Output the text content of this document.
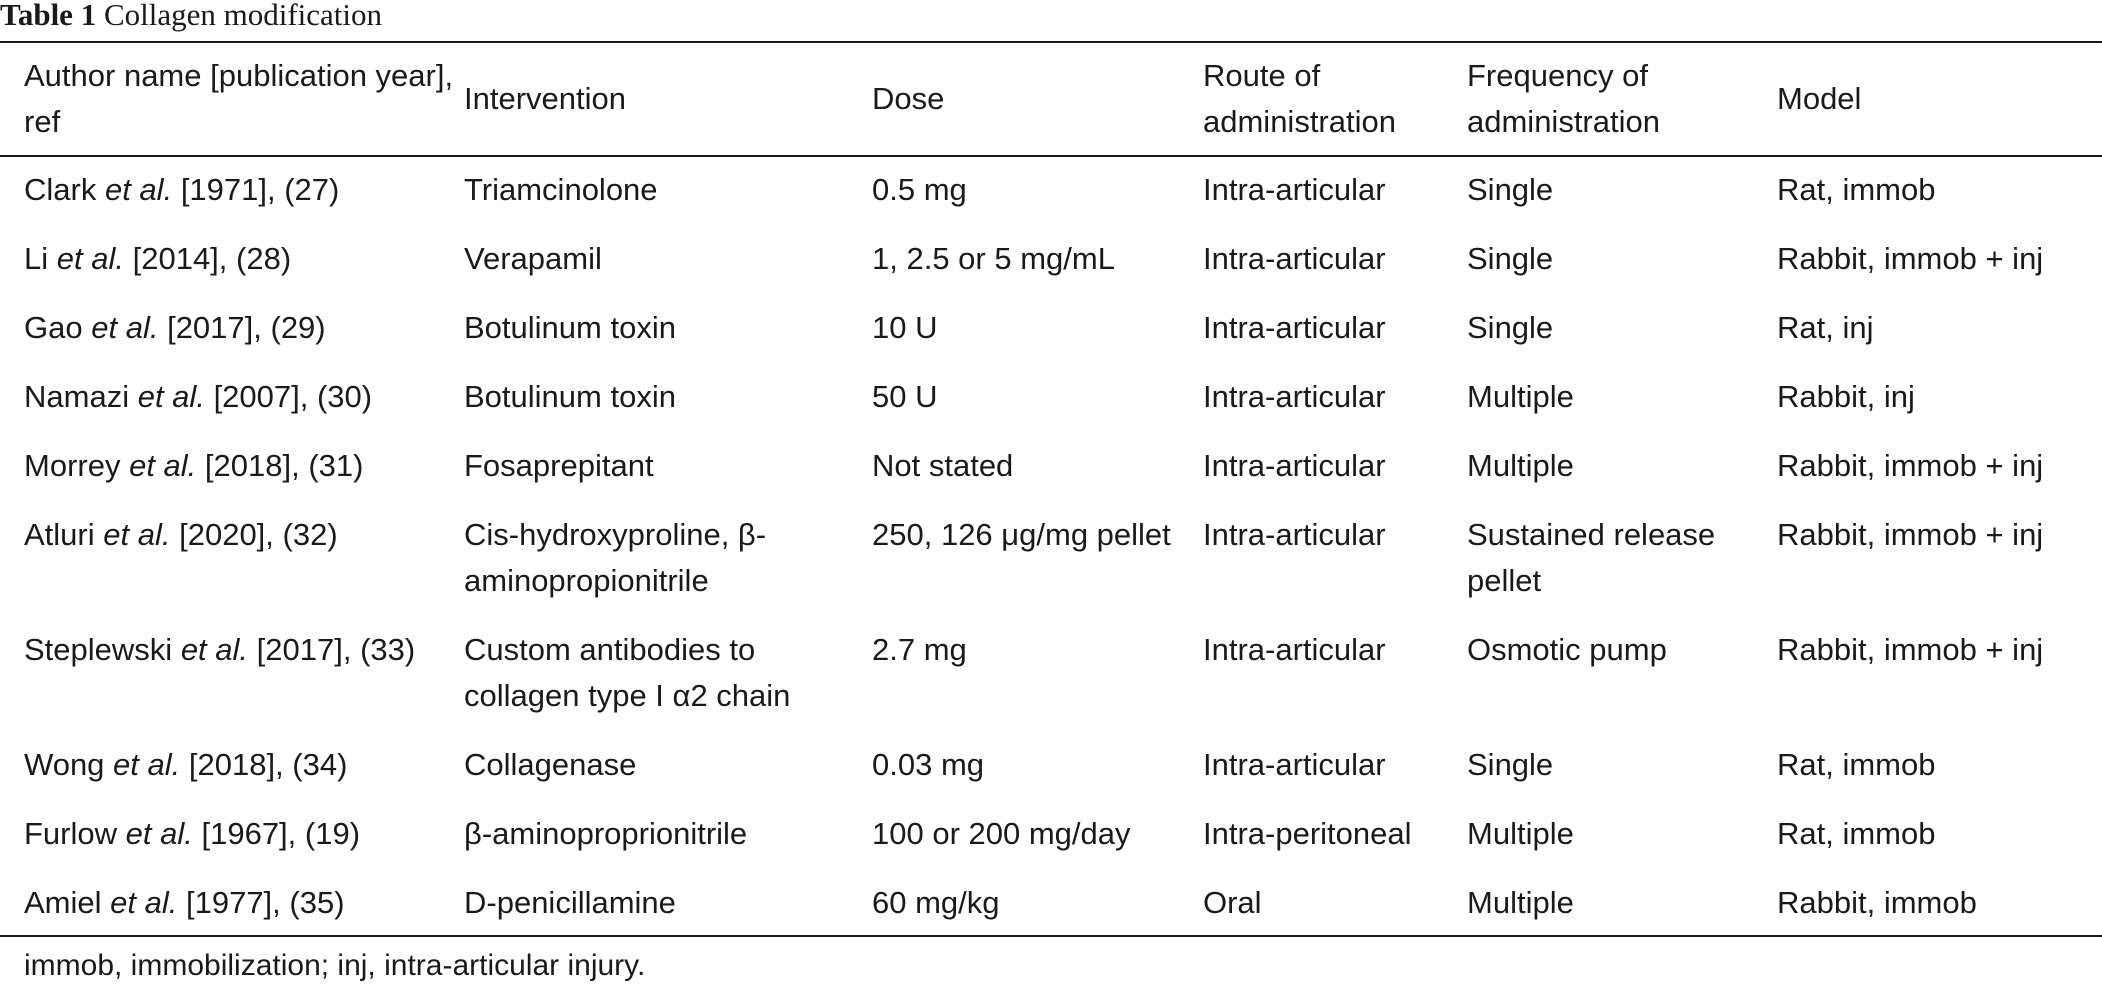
Table 1 Collagen modification
Author name [publication year], ref	Intervention	Dose	Route of administration	Frequency of administration	Model
Clark et al. [1971], (27)	Triamcinolone	0.5 mg	Intra-articular	Single	Rat, immob
Li et al. [2014], (28)	Verapamil	1, 2.5 or 5 mg/mL	Intra-articular	Single	Rabbit, immob + inj
Gao et al. [2017], (29)	Botulinum toxin	10 U	Intra-articular	Single	Rat, inj
Namazi et al. [2007], (30)	Botulinum toxin	50 U	Intra-articular	Multiple	Rabbit, inj
Morrey et al. [2018], (31)	Fosaprepitant	Not stated	Intra-articular	Multiple	Rabbit, immob + inj
Atluri et al. [2020], (32)	Cis-hydroxyproline, β-aminopropionitrile	250, 126 μg/mg pellet	Intra-articular	Sustained release pellet	Rabbit, immob + inj
Steplewski et al. [2017], (33)	Custom antibodies to collagen type I α2 chain	2.7 mg	Intra-articular	Osmotic pump	Rabbit, immob + inj
Wong et al. [2018], (34)	Collagenase	0.03 mg	Intra-articular	Single	Rat, immob
Furlow et al. [1967], (19)	β-aminoproprionitrile	100 or 200 mg/day	Intra-peritoneal	Multiple	Rat, immob
Amiel et al. [1977], (35)	D-penicillamine	60 mg/kg	Oral	Multiple	Rabbit, immob
immob, immobilization; inj, intra-articular injury.
